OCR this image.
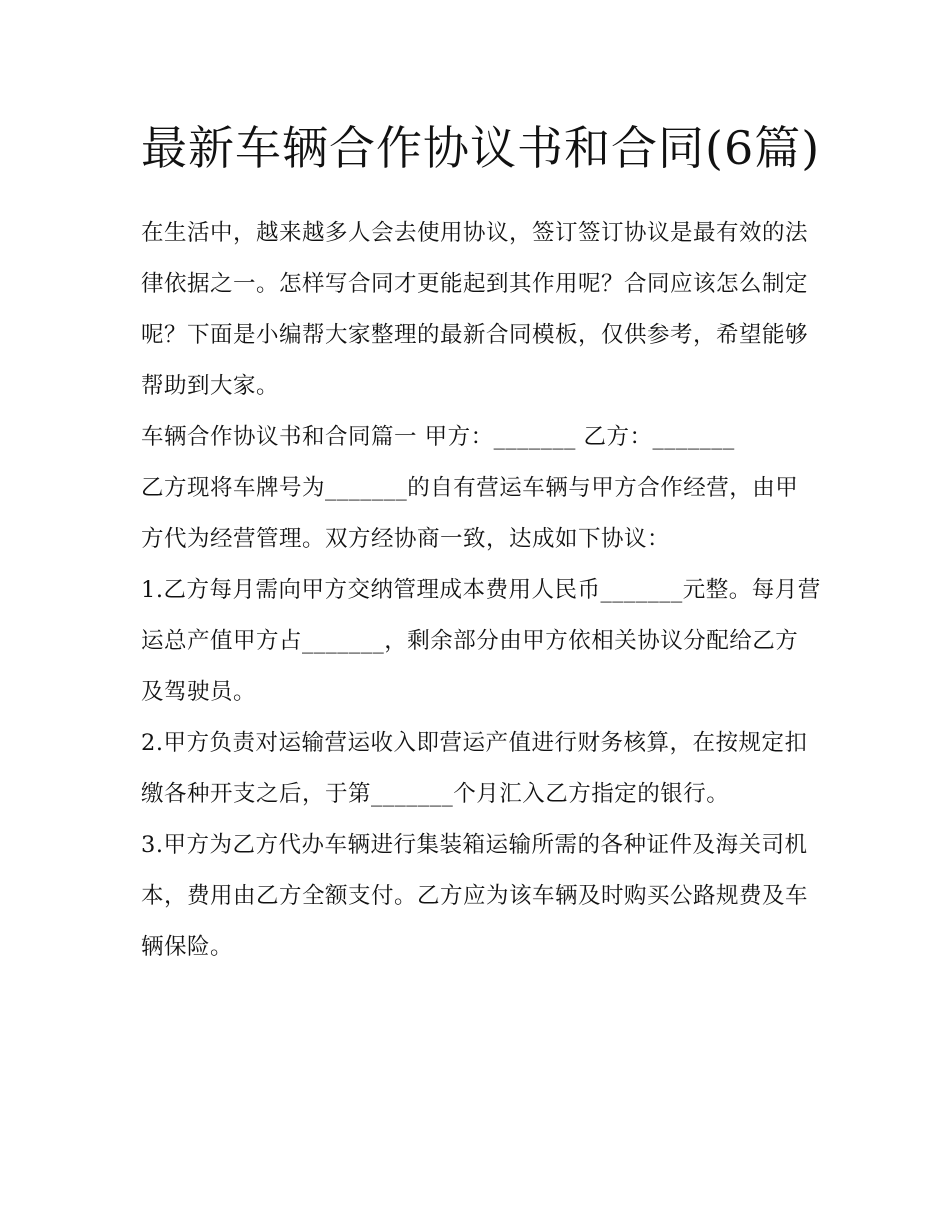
最新车辆合作协议书和合同(6篇)

在生活中，越来越多人会去使用协议，签订签订协议是最有效的法律依据之一。怎样写合同才更能起到其作用呢？合同应该怎么制定呢？下面是小编帮大家整理的最新合同模板，仅供参考，希望能够帮助到大家。

车辆合作协议书和合同篇一 甲方：_______ 乙方：_______

乙方现将车牌号为_______的自有营运车辆与甲方合作经营，由甲方代为经营管理。双方经协商一致，达成如下协议：

1.乙方每月需向甲方交纳管理成本费用人民币_______元整。每月营运总产值甲方占_______，剩余部分由甲方依相关协议分配给乙方及驾驶员。

2.甲方负责对运输营运收入即营运产值进行财务核算，在按规定扣缴各种开支之后，于第_______个月汇入乙方指定的银行。

3.甲方为乙方代办车辆进行集装箱运输所需的各种证件及海关司机本，费用由乙方全额支付。乙方应为该车辆及时购买公路规费及车辆保险。
